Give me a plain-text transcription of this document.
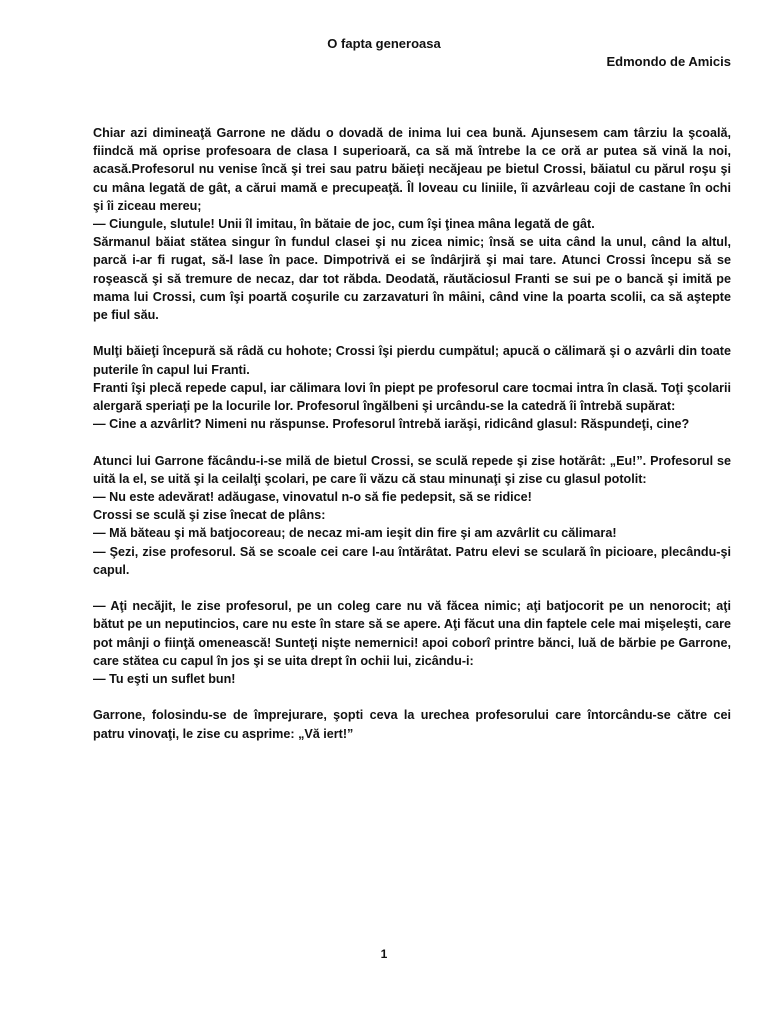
O fapta generoasa
Edmondo de Amicis

Chiar azi dimineaţă Garrone ne dădu o dovadă de inima lui cea bună. Ajunsesem cam târziu la şcoală, fiindcă mă oprise profesoara de clasa I superioară, ca să mă întrebe la ce oră ar putea să vină la noi, acasă.Profesorul nu venise încă şi trei sau patru băieţi necăjeau pe bietul Crossi, băiatul cu părul roşu şi cu mâna legată de gât, a cărui mamă e precupeaţă. Îl loveau cu liniile, îi azvârleau coji de castane în ochi şi îi ziceau mereu;

— Ciungule, slutule! Unii îl imitau, în bătaie de joc, cum îşi ţinea mâna legată de gât.

Sărmanul băiat stătea singur în fundul clasei şi nu zicea nimic; însă se uita când la unul, când la altul, parcă i-ar fi rugat, să-l lase în pace. Dimpotrivă ei se îndârjiră şi mai tare. Atunci Crossi începu să se roşească şi să tremure de necaz, dar tot răbda. Deodată, răutăciosul Franti se sui pe o bancă şi imită pe mama lui Crossi, cum îşi poartă coşurile cu zarzavaturi în mâini, când vine la poarta scolii, ca să aştepte pe fiul său.

Mulţi băieţi începură să râdă cu hohote; Crossi îşi pierdu cumpătul; apucă o călimară şi o azvârli din toate puterile în capul lui Franti.

Franti îşi plecă repede capul, iar călimara lovi în piept pe profesorul care tocmai intra în clasă. Toţi şcolarii alergară speriaţi pe la locurile lor. Profesorul îngălbeni şi urcându-se la catedră îi întrebă supărat:

— Cine a azvârlit? Nimeni nu răspunse. Profesorul întrebă iarăşi, ridicând glasul: Răspundeţi, cine?

Atunci lui Garrone făcându-i-se milă de bietul Crossi, se sculă repede şi zise hotărât: „Eu!”. Profesorul se uită la el, se uită şi la ceilalţi şcolari, pe care îi văzu că stau minunaţi şi zise cu glasul potolit:

— Nu este adevărat! adăugase, vinovatul n-o să fie pedepsit, să se ridice!

Crossi se sculă şi zise înecat de plâns:

— Mă băteau şi mă batjocoreau; de necaz mi-am ieşit din fire şi am azvârlit cu călimara!

— Şezi, zise profesorul. Să se scoale cei care l-au întărâtat. Patru elevi se sculară în picioare, plecându-şi capul.

— Aţi necăjit, le zise profesorul, pe un coleg care nu vă făcea nimic; aţi batjocorit pe un nenorocit; aţi bătut pe un neputincios, care nu este în stare să se apere. Aţi făcut una din faptele cele mai mişeleşti, care pot mânji o fiinţă omenească! Sunteţi nişte nemernici! apoi coborî printre bănci, luă de bărbie pe Garrone, care stătea cu capul în jos şi se uita drept în ochii lui, zicându-i:

— Tu eşti un suflet bun!

Garrone, folosindu-se de împrejurare, şopti ceva la urechea profesorului care întorcându-se către cei patru vinovaţi, le zise cu asprime: „Vă iert!”

1
